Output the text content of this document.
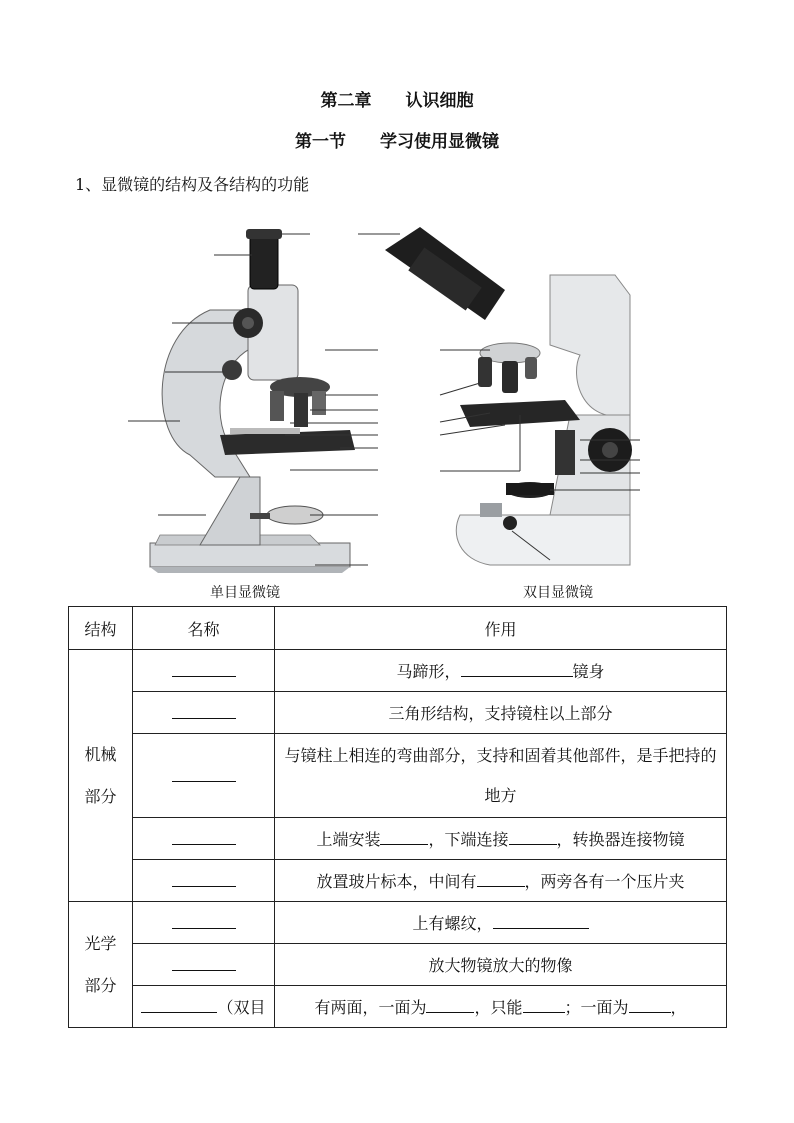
第二章　　认识细胞
第一节　　学习使用显微镜
1、显微镜的结构及各结构的功能
单目显微镜	双目显微镜
结构	名称	作用
机械部分		马蹄形， 镜身
		三角形结构，支持镜柱以上部分
		与镜柱上相连的弯曲部分，支持和固着其他部件，是手把持的地方
		上端安装 ，下端连接 ，转换器连接物镜
		放置玻片标本，中间有 ，两旁各有一个压片夹
光学部分		上有螺纹，
		放大物镜放大的物像
	（双目	有两面，一面为 ，只能 ；一面为 ，
